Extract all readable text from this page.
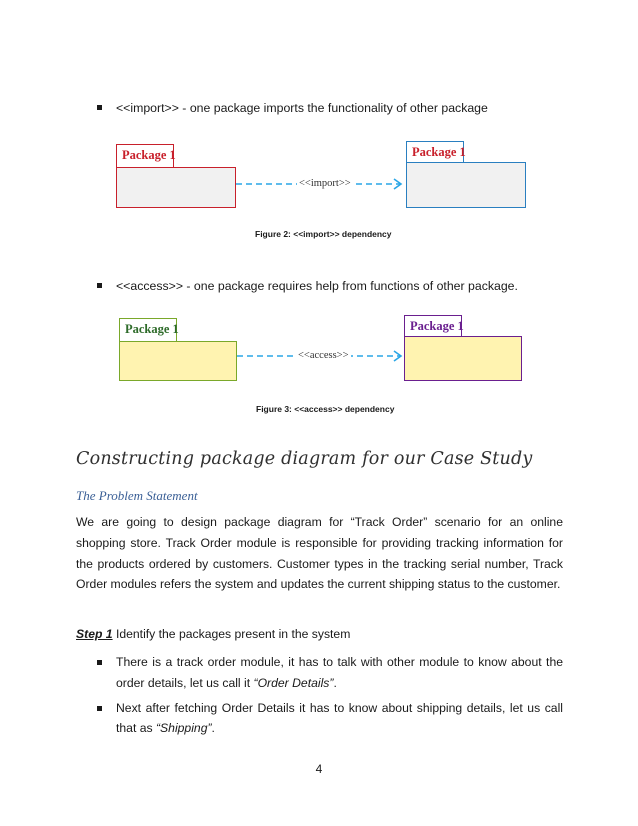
<<import>> - one package imports the functionality of other package
Package 1
<<import>>
Package 1
Figure 2: <<import>> dependency
<<access>> - one package requires help from functions of other package.
Package 1
<<access>>
Package 1
Figure 3: <<access>> dependency
Constructing package diagram for our Case Study
The Problem Statement
We are going to design package diagram for “Track Order” scenario for an online shopping store. Track Order module is responsible for providing tracking information for the products ordered by customers. Customer types in the tracking serial number, Track Order modules refers the system and updates the current shipping status to the customer.
Step 1 Identify the packages present in the system
There is a track order module, it has to talk with other module to know about the order details, let us call it “Order Details”.
Next after fetching Order Details it has to know about shipping details, let us call that as “Shipping”.
4
